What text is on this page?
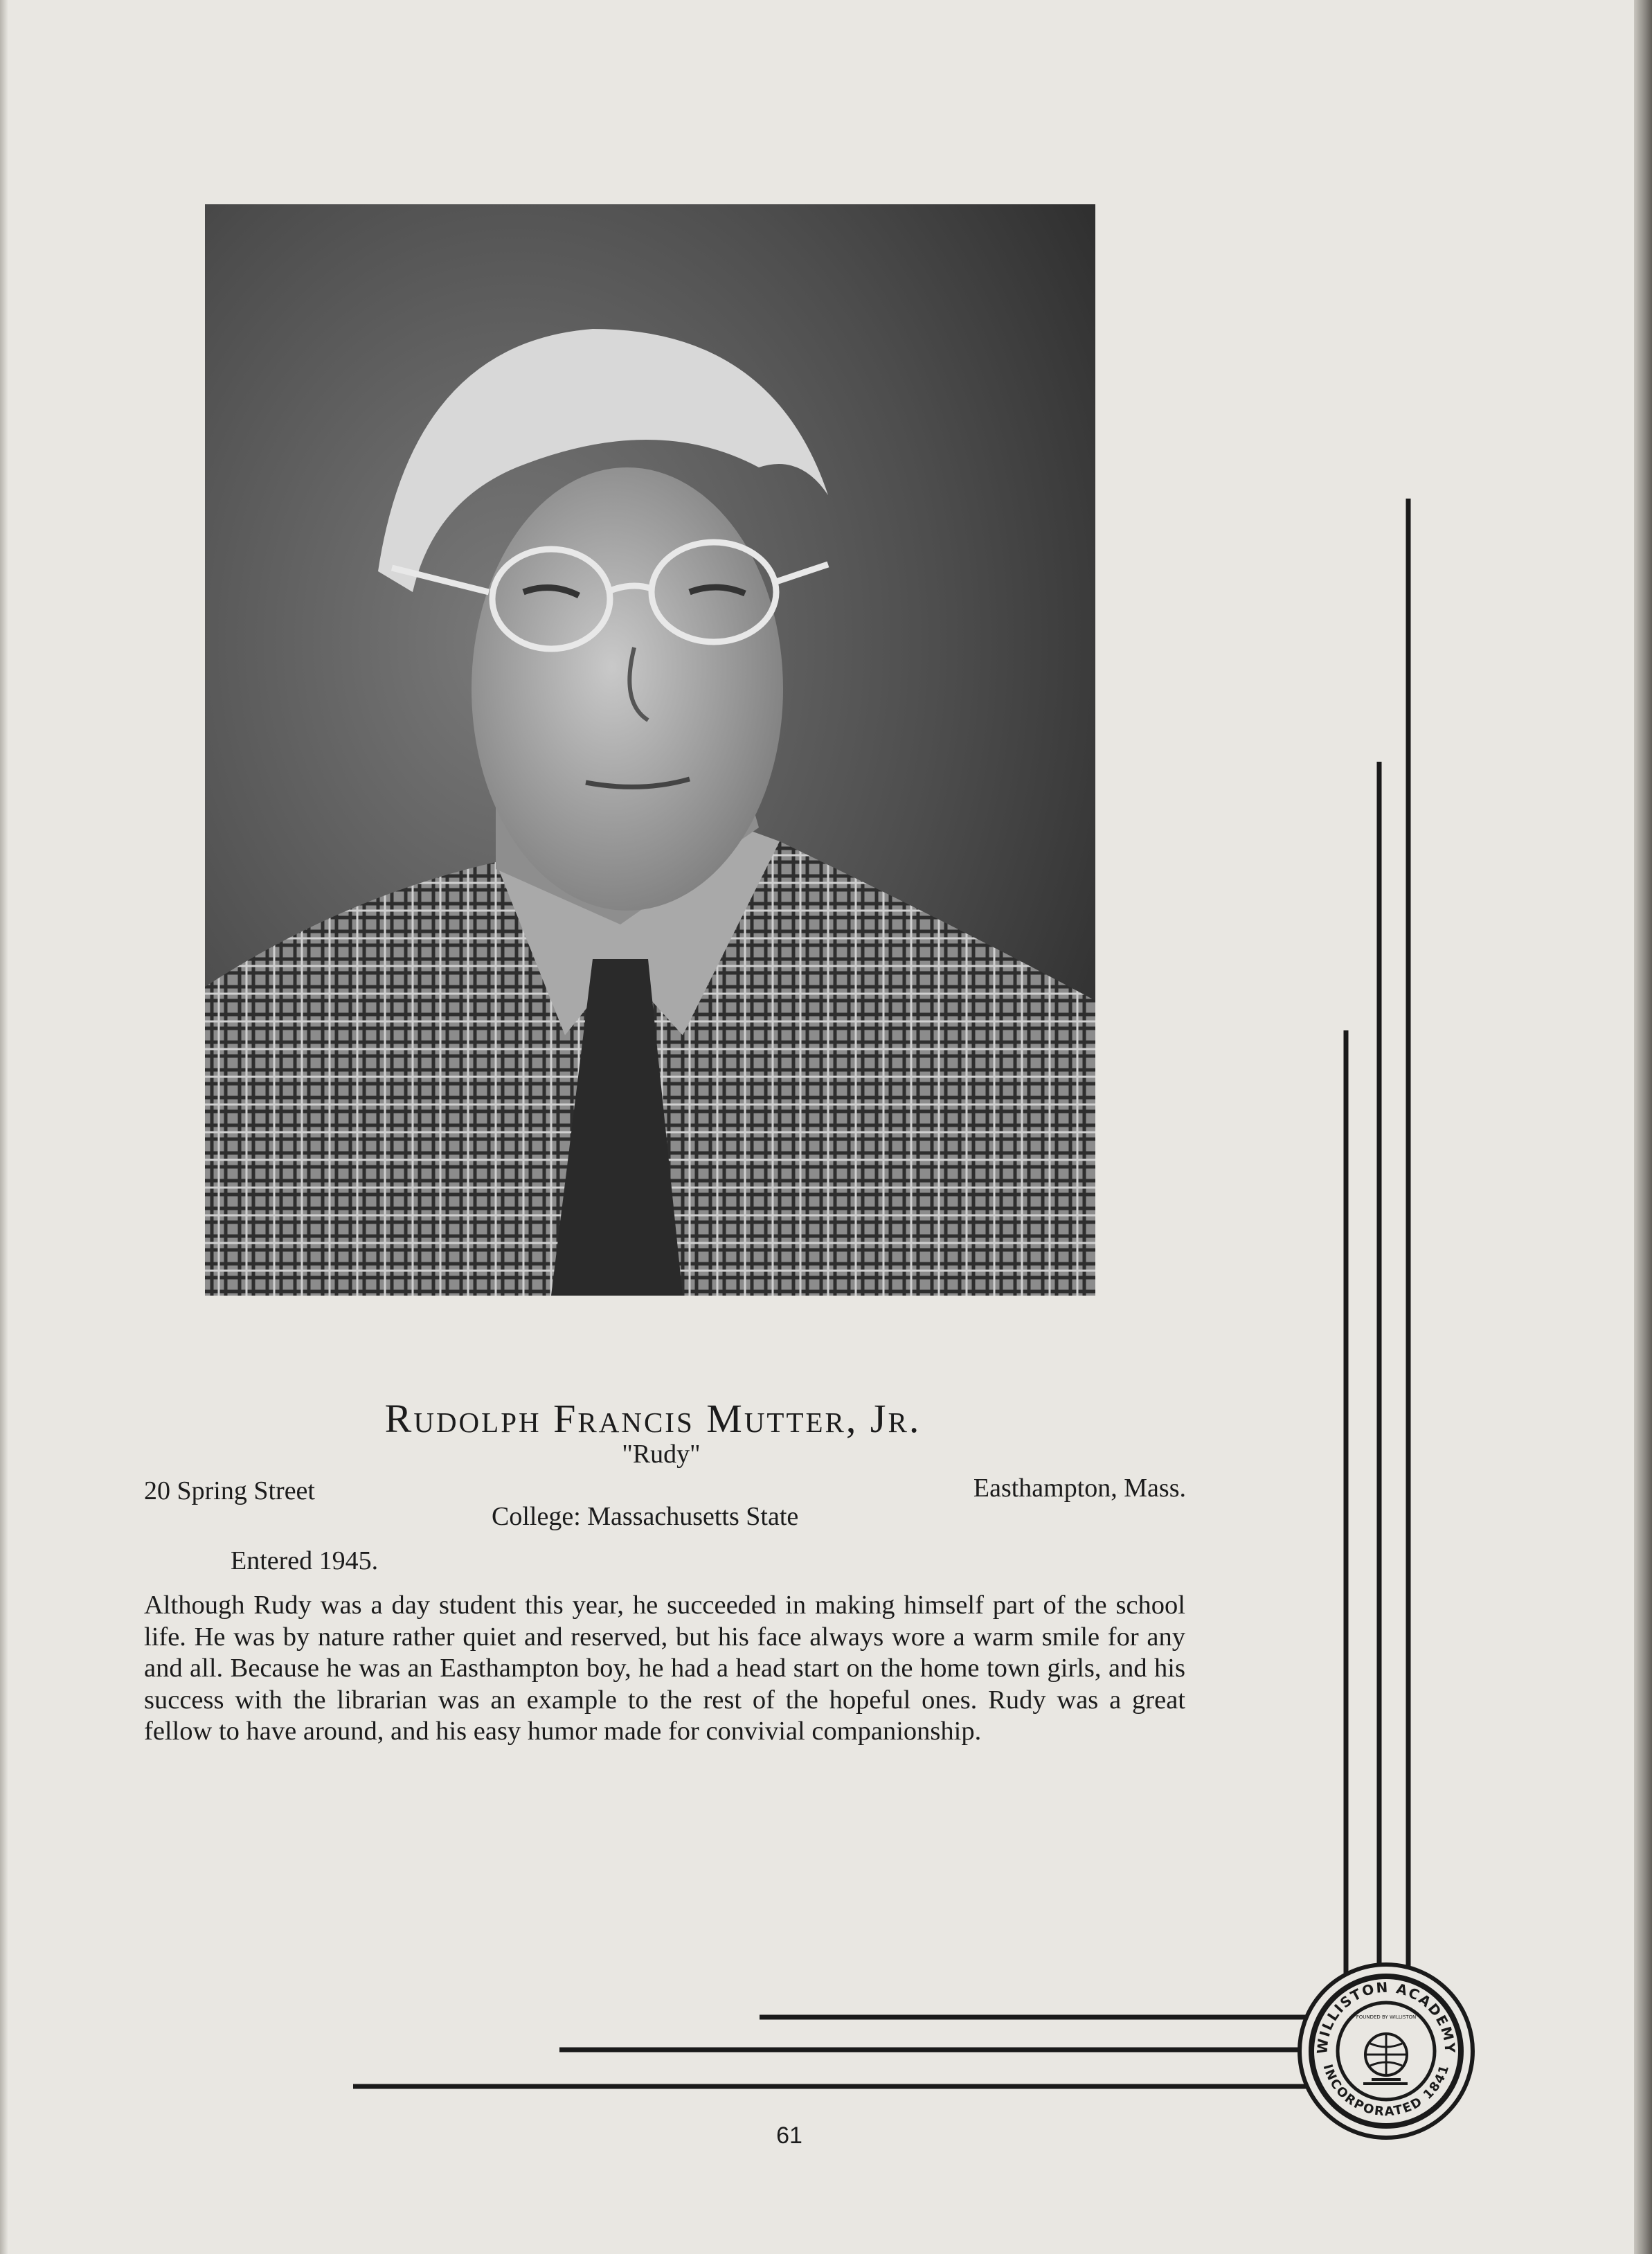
Rudolph Francis Mutter, Jr.
"Rudy"
20 Spring Street	Easthampton, Mass.
College: Massachusetts State
Entered 1945.
Although Rudy was a day student this year, he succeeded in making himself part of the school life. He was by nature rather quiet and reserved, but his face always wore a warm smile for any and all. Because he was an Easthampton boy, he had a head start on the home town girls, and his success with the librarian was an example to the rest of the hopeful ones. Rudy was a great fellow to have around, and his easy humor made for convivial companionship.
WILLISTON ACADEMY
INCORPORATED 1841
FOUNDED BY WILLISTON
61
